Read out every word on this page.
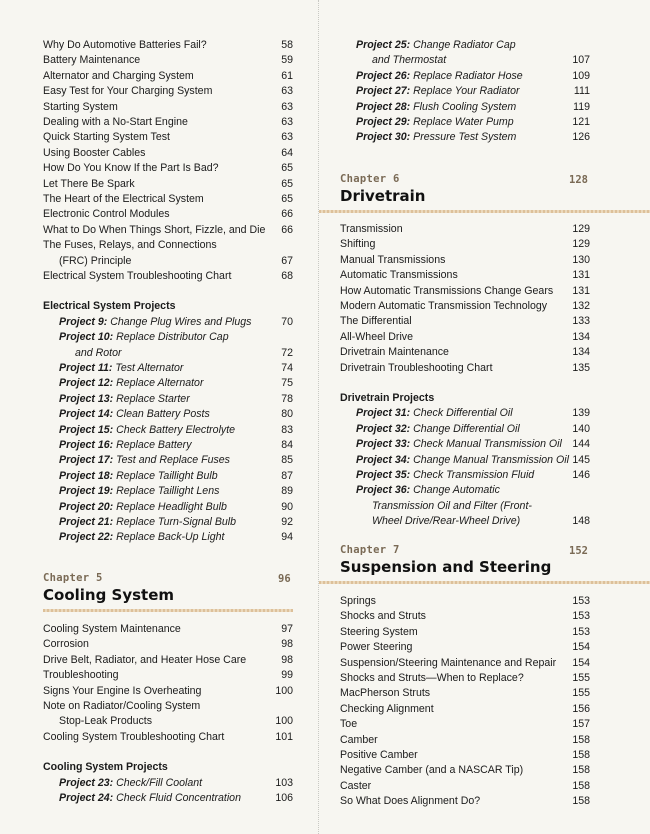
Why Do Automotive Batteries Fail?	58
Battery Maintenance	59
Alternator and Charging System	61
Easy Test for Your Charging System	63
Starting System	63
Dealing with a No-Start Engine	63
Quick Starting System Test	63
Using Booster Cables	64
How Do You Know If the Part Is Bad?	65
Let There Be Spark	65
The Heart of the Electrical System	65
Electronic Control Modules	66
What to Do When Things Short, Fizzle, and Die 66
The Fuses, Relays, and Connections
(FRC) Principle	67
Electrical System Troubleshooting Chart	68
Electrical System Projects
Project 9: Change Plug Wires and Plugs	70
Project 10: Replace Distributor Cap
and Rotor	72
Project 11: Test Alternator	74
Project 12: Replace Alternator	75
Project 13: Replace Starter	78
Project 14: Clean Battery Posts	80
Project 15: Check Battery Electrolyte	83
Project 16: Replace Battery	84
Project 17: Test and Replace Fuses	85
Project 18: Replace Taillight Bulb	87
Project 19: Replace Taillight Lens	89
Project 20: Replace Headlight Bulb	90
Project 21: Replace Turn-Signal Bulb	92
Project 22: Replace Back-Up Light	94
Chapter 5	96
Cooling System
Cooling System Maintenance	97
Corrosion	98
Drive Belt, Radiator, and Heater Hose Care	98
Troubleshooting	99
Signs Your Engine Is Overheating	100
Note on Radiator/Cooling System
Stop-Leak Products	100
Cooling System Troubleshooting Chart	101
Cooling System Projects
Project 23: Check/Fill Coolant	103
Project 24: Check Fluid Concentration	106
Project 25: Change Radiator Cap
and Thermostat	107
Project 26: Replace Radiator Hose	109
Project 27: Replace Your Radiator	111
Project 28: Flush Cooling System	119
Project 29: Replace Water Pump	121
Project 30: Pressure Test System	126
Chapter 6	128
Drivetrain
Transmission	129
Shifting	129
Manual Transmissions	130
Automatic Transmissions	131
How Automatic Transmissions Change Gears 131
Modern Automatic Transmission Technology 132
The Differential	133
All-Wheel Drive	134
Drivetrain Maintenance	134
Drivetrain Troubleshooting Chart	135
Drivetrain Projects
Project 31: Check Differential Oil	139
Project 32: Change Differential Oil	140
Project 33: Check Manual Transmission Oil 144
Project 34: Change Manual Transmission Oil 145
Project 35: Check Transmission Fluid	146
Project 36: Change Automatic
Transmission Oil and Filter (Front-
Wheel Drive/Rear-Wheel Drive)	148
Chapter 7	152
Suspension and Steering
Springs	153
Shocks and Struts	153
Steering System	153
Power Steering	154
Suspension/Steering Maintenance and Repair 154
Shocks and Struts—When to Replace?	155
MacPherson Struts	155
Checking Alignment	156
Toe	157
Camber	158
Positive Camber	158
Negative Camber (and a NASCAR Tip)	158
Caster	158
So What Does Alignment Do?	158
